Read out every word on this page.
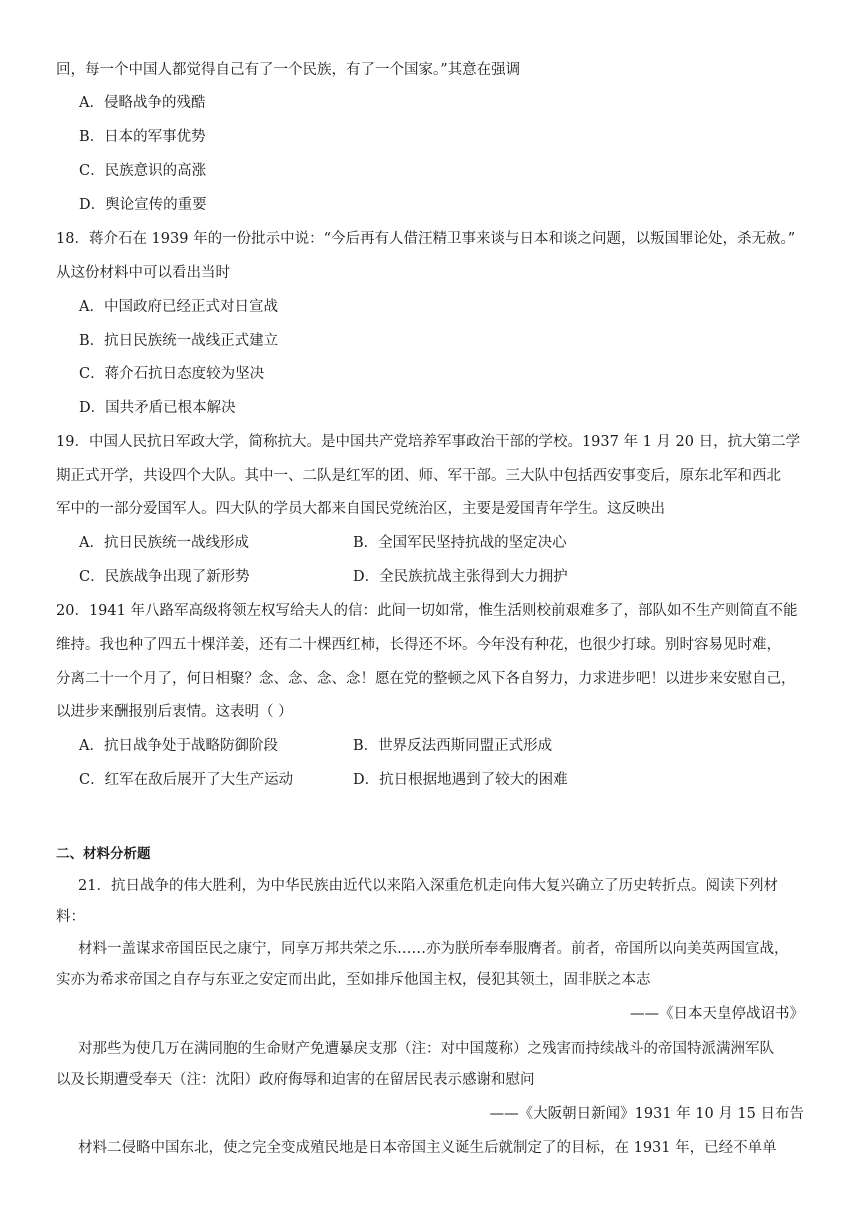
回，每一个中国人都觉得自己有了一个民族，有了一个国家。”其意在强调
A．侵略战争的残酷
B．日本的军事优势
C．民族意识的高涨
D．舆论宣传的重要
18．蒋介石在 1939 年的一份批示中说：“今后再有人借汪精卫事来谈与日本和谈之问题，以叛国罪论处，杀无赦。”
从这份材料中可以看出当时
A．中国政府已经正式对日宣战
B．抗日民族统一战线正式建立
C．蒋介石抗日态度较为坚决
D．国共矛盾已根本解决
19．中国人民抗日军政大学，简称抗大。是中国共产党培养军事政治干部的学校。1937 年 1 月 20 日，抗大第二学
期正式开学，共设四个大队。其中一、二队是红军的团、师、军干部。三大队中包括西安事变后，原东北军和西北
军中的一部分爱国军人。四大队的学员大都来自国民党统治区，主要是爱国青年学生。这反映出
A．抗日民族统一战线形成	B．全国军民坚持抗战的坚定决心
C．民族战争出现了新形势	D．全民族抗战主张得到大力拥护
20．1941 年八路军高级将领左权写给夫人的信：此间一切如常，惟生活则校前艰难多了，部队如不生产则简直不能
维持。我也种了四五十棵洋姜，还有二十棵西红柿，长得还不坏。今年没有种花，也很少打球。别时容易见时难，
分离二十一个月了，何日相聚？念、念、念、念！愿在党的整顿之风下各自努力，力求进步吧！以进步来安慰自己，
以进步来酬报别后衷情。这表明（ ）
A．抗日战争处于战略防御阶段	B．世界反法西斯同盟正式形成
C．红军在敌后展开了大生产运动	D．抗日根据地遇到了较大的困难
二、材料分析题
21．抗日战争的伟大胜利，为中华民族由近代以来陷入深重危机走向伟大复兴确立了历史转折点。阅读下列材
料：
材料一盖谋求帝国臣民之康宁，同享万邦共荣之乐……亦为朕所奉奉服膺者。前者，帝国所以向美英两国宣战，
实亦为希求帝国之自存与东亚之安定而出此，至如排斥他国主权，侵犯其领土，固非朕之本志
——《日本天皇停战诏书》
对那些为使几万在满同胞的生命财产免遭暴戾支那（注：对中国蔑称）之残害而持续战斗的帝国特派满洲军队
以及长期遭受奉天（注：沈阳）政府侮辱和迫害的在留居民表示感谢和慰问
——《大阪朝日新闻》1931 年 10 月 15 日布告
材料二侵略中国东北，使之完全变成殖民地是日本帝国主义诞生后就制定了的目标，在 1931 年，已经不单单
